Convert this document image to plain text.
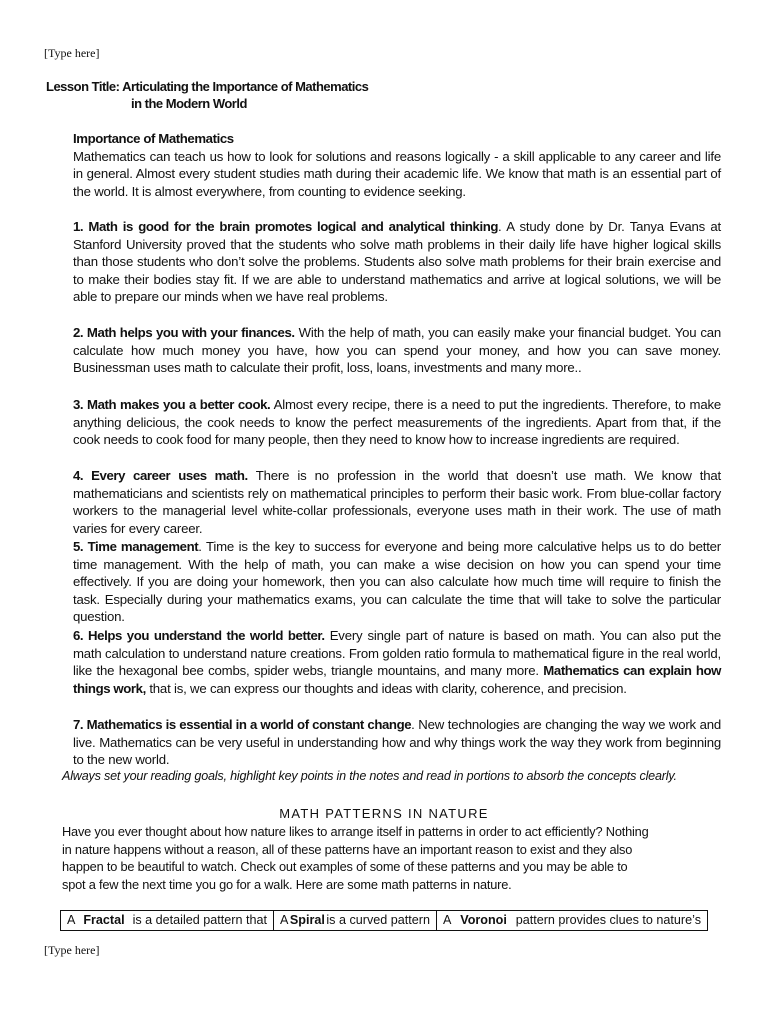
[Type here]
Lesson Title: Articulating the Importance of Mathematics
in the Modern World
Importance of Mathematics
Mathematics can teach us how to look for solutions and reasons logically - a skill applicable to any career and life in general. Almost every student studies math during their academic life. We know that math is an essential part of the world. It is almost everywhere, from counting to evidence seeking.
1. Math is good for the brain promotes logical and analytical thinking. A study done by Dr. Tanya Evans at Stanford University proved that the students who solve math problems in their daily life have higher logical skills than those students who don’t solve the problems. Students also solve math problems for their brain exercise and to make their bodies stay fit. If we are able to understand mathematics and arrive at logical solutions, we will be able to prepare our minds when we have real problems.
2. Math helps you with your finances. With the help of math, you can easily make your financial budget. You can calculate how much money you have, how you can spend your money, and how you can save money. Businessman uses math to calculate their profit, loss, loans, investments and many more..
3. Math makes you a better cook. Almost every recipe, there is a need to put the ingredients. Therefore, to make anything delicious, the cook needs to know the perfect measurements of the ingredients. Apart from that, if the cook needs to cook food for many people, then they need to know how to increase ingredients are required.
4. Every career uses math. There is no profession in the world that doesn’t use math. We know that mathematicians and scientists rely on mathematical principles to perform their basic work. From blue-collar factory workers to the managerial level white-collar professionals, everyone uses math in their work. The use of math varies for every career.
5. Time management. Time is the key to success for everyone and being more calculative helps us to do better time management. With the help of math, you can make a wise decision on how you can spend your time effectively. If you are doing your homework, then you can also calculate how much time will require to finish the task. Especially during your mathematics exams, you can calculate the time that will take to solve the particular question.
6. Helps you understand the world better. Every single part of nature is based on math. You can also put the math calculation to understand nature creations. From golden ratio formula to mathematical figure in the real world, like the hexagonal bee combs, spider webs, triangle mountains, and many more. Mathematics can explain how things work, that is, we can express our thoughts and ideas with clarity, coherence, and precision.
7. Mathematics is essential in a world of constant change. New technologies are changing the way we work and live. Mathematics can be very useful in understanding how and why things work the way they work from beginning to the new world.
Always set your reading goals, highlight key points in the notes and read in portions to absorb the concepts clearly.
MATH PATTERNS IN NATURE
Have you ever thought about how nature likes to arrange itself in patterns in order to act efficiently? Nothing in nature happens without a reason, all of these patterns have an important reason to exist and they also happen to be beautiful to watch. Check out examples of some of these patterns and you may be able to spot a few the next time you go for a walk. Here are some math patterns in nature.
A Fractal is a detailed pattern that	A Spiral is a curved pattern	A Voronoi pattern provides clues to nature’s
[Type here]
